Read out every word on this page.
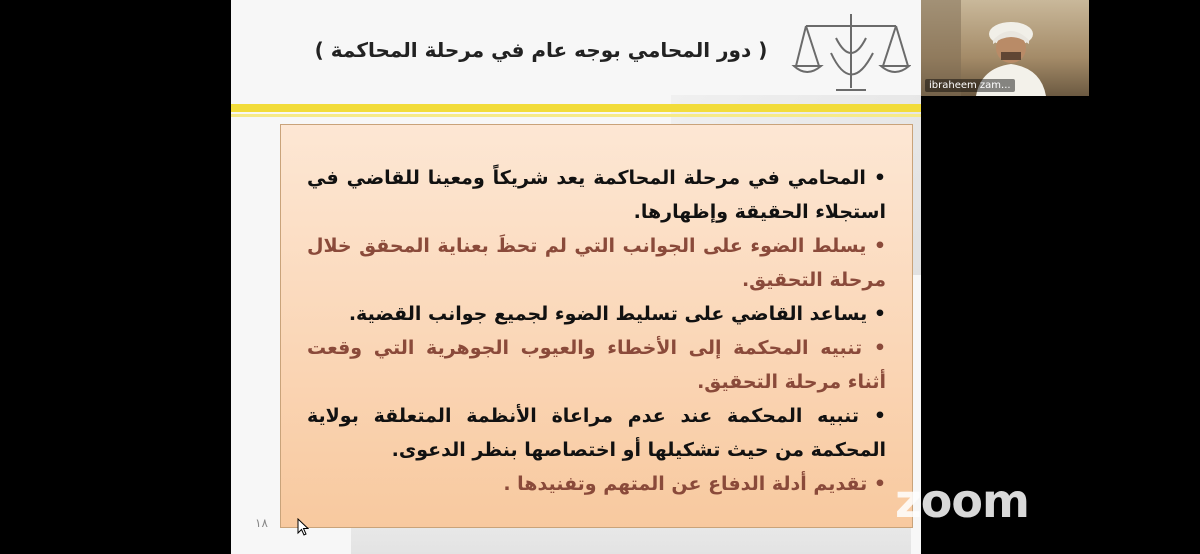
( دور المحامي بوجه عام في مرحلة المحاكمة )

• المحامي في مرحلة المحاكمة يعد شريكاً ومعينا للقاضي في استجلاء الحقيقة وإظهارها.

• يسلط الضوء على الجوانب التي لم تحظَ بعناية المحقق خلال مرحلة التحقيق.

• يساعد القاضي على تسليط الضوء لجميع جوانب القضية.

• تنبيه المحكمة إلى الأخطاء والعيوب الجوهرية التي وقعت أثناء مرحلة التحقيق.

• تنبيه المحكمة عند عدم مراعاة الأنظمة المتعلقة بولاية المحكمة من حيث تشكيلها أو اختصاصها بنظر الدعوى.

• تقديم أدلة الدفاع عن المتهم وتفنيدها .

١٨	zoom
ibraheem zam...
